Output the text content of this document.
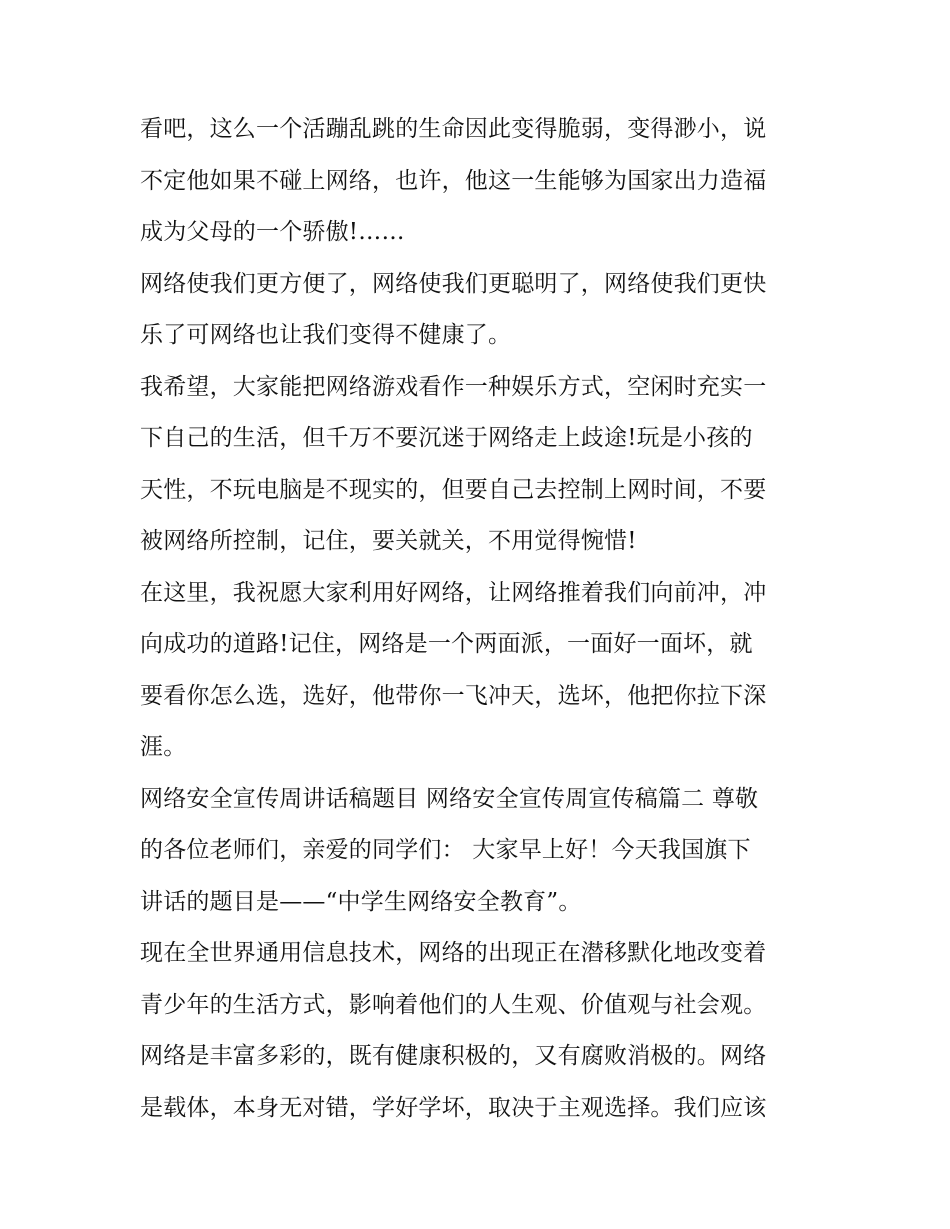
看吧，这么一个活蹦乱跳的生命因此变得脆弱，变得渺小，说
不定他如果不碰上网络，也许，他这一生能够为国家出力造福
成为父母的一个骄傲!……
网络使我们更方便了，网络使我们更聪明了，网络使我们更快
乐了可网络也让我们变得不健康了。
我希望，大家能把网络游戏看作一种娱乐方式，空闲时充实一
下自己的生活，但千万不要沉迷于网络走上歧途!玩是小孩的
天性，不玩电脑是不现实的，但要自己去控制上网时间，不要
被网络所控制，记住，要关就关，不用觉得惋惜!
在这里，我祝愿大家利用好网络，让网络推着我们向前冲，冲
向成功的道路!记住，网络是一个两面派，一面好一面坏，就
要看你怎么选，选好，他带你一飞冲天，选坏，他把你拉下深
涯。
网络安全宣传周讲话稿题目 网络安全宣传周宣传稿篇二 尊敬
的各位老师们，亲爱的同学们： 大家早上好！今天我国旗下
讲话的题目是——“中学生网络安全教育”。
现在全世界通用信息技术，网络的出现正在潜移默化地改变着
青少年的生活方式，影响着他们的人生观、价值观与社会观。
网络是丰富多彩的，既有健康积极的，又有腐败消极的。网络
是载体，本身无对错，学好学坏，取决于主观选择。我们应该
